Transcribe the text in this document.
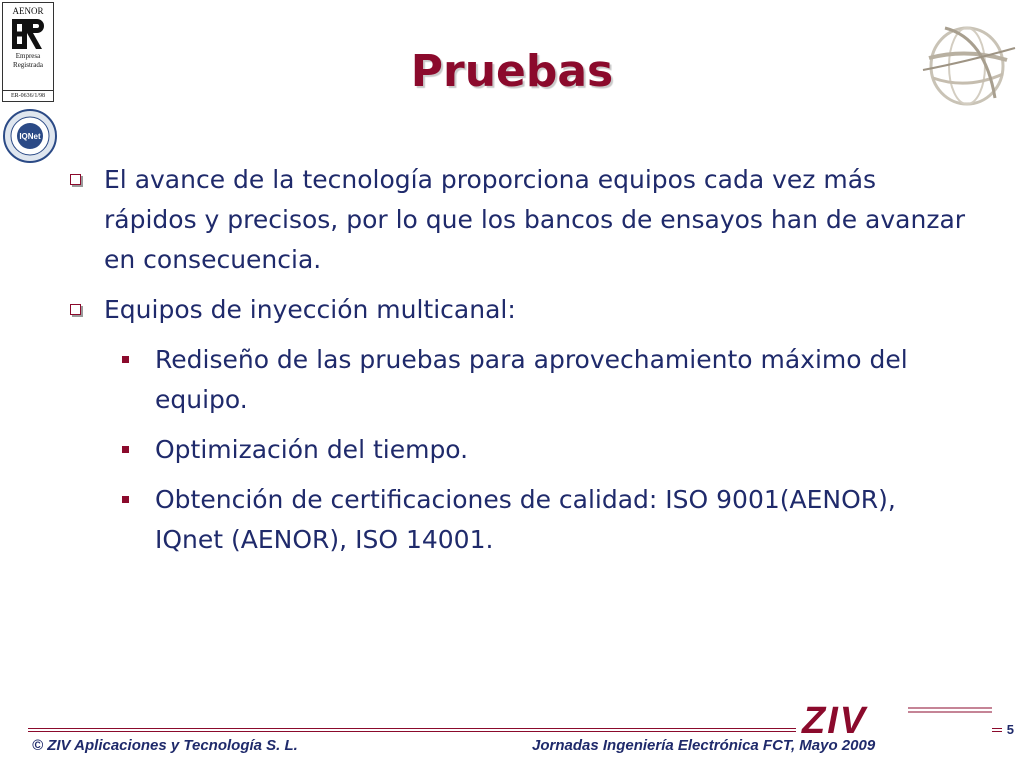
AENOR
Empresa
Registrada
ER-0636/1/98
IQNet
Pruebas
El avance de la tecnología proporciona equipos cada vez más rápidos y precisos, por lo que los bancos de ensayos han de avanzar en consecuencia.
Equipos de inyección multicanal:
Rediseño de las pruebas para aprovechamiento máximo del equipo.
Optimización del tiempo.
Obtención de certificaciones de calidad: ISO 9001(AENOR), IQnet (AENOR), ISO 14001.
ZIV
© ZIV Aplicaciones y Tecnología S. L.	Jornadas Ingeniería Electrónica FCT, Mayo 2009
5
